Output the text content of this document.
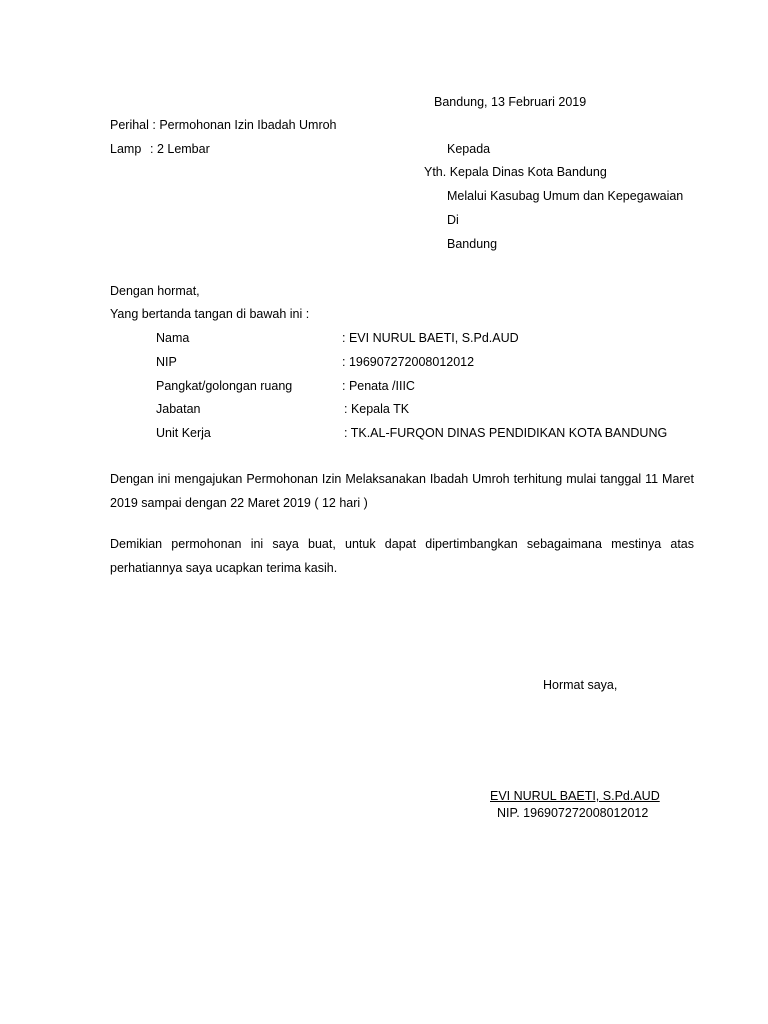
Bandung, 13 Februari 2019
Perihal : Permohonan Izin Ibadah Umroh
Lamp : 2 Lembar	Kepada
Yth. Kepala Dinas Kota Bandung
Melalui Kasubag Umum dan Kepegawaian
Di
Bandung
Dengan hormat,
Yang bertanda tangan di bawah ini :
Nama	: EVI NURUL BAETI, S.Pd.AUD
NIP	: 196907272008012012
Pangkat/golongan ruang	: Penata /IIIC
Jabatan	: Kepala TK
Unit Kerja	: TK.AL-FURQON DINAS PENDIDIKAN KOTA BANDUNG
Dengan ini mengajukan Permohonan Izin Melaksanakan Ibadah Umroh terhitung mulai tanggal 11 Maret 2019 sampai dengan 22 Maret 2019 ( 12 hari )
Demikian permohonan ini saya buat, untuk dapat dipertimbangkan sebagaimana mestinya atas perhatiannya saya ucapkan terima kasih.
Hormat saya,
EVI NURUL BAETI, S.Pd.AUD
NIP. 196907272008012012
